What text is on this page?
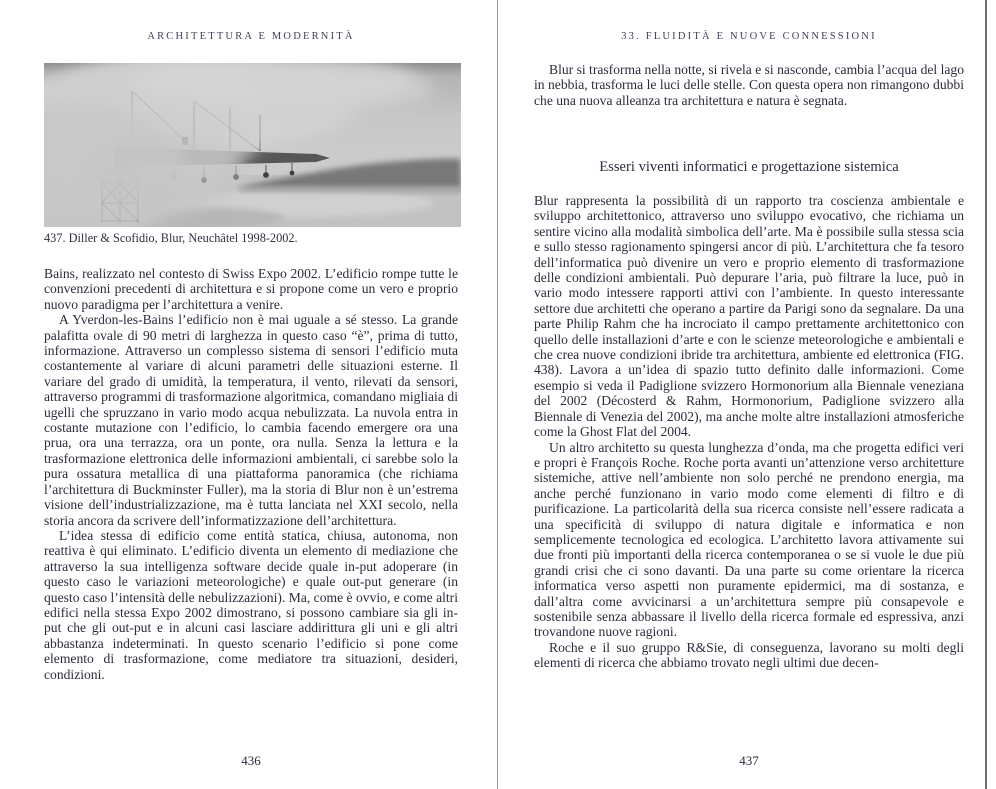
ARCHITETTURA E MODERNITÀ
437. Diller & Scofidio, Blur, Neuchâtel 1998-2002.

Bains, realizzato nel contesto di Swiss Expo 2002. L’edificio rompe tutte le convenzioni precedenti di architettura e si propone come un vero e proprio nuovo paradigma per l’architettura a venire.

A Yverdon-les-Bains l’edificio non è mai uguale a sé stesso. La grande palafitta ovale di 90 metri di larghezza in questo caso “è”, prima di tutto, informazione. Attraverso un complesso sistema di sensori l’edificio muta costantemente al variare di alcuni parametri delle situazioni esterne. Il variare del grado di umidità, la temperatura, il vento, rilevati da sensori, attraverso programmi di trasformazione algoritmica, comandano migliaia di ugelli che spruzzano in vario modo acqua nebulizzata. La nuvola entra in costante mutazione con l’edificio, lo cambia facendo emergere ora una prua, ora una terrazza, ora un ponte, ora nulla. Senza la lettura e la trasformazione elettronica delle informazioni ambientali, ci sarebbe solo la pura ossatura metallica di una piattaforma panoramica (che richiama l’architettura di Buckminster Fuller), ma la storia di Blur non è un’estrema visione dell’industrializzazione, ma è tutta lanciata nel XXI secolo, nella storia ancora da scrivere dell’informatizzazione dell’architettura.

L’idea stessa di edificio come entità statica, chiusa, autonoma, non reattiva è qui eliminato. L’edificio diventa un elemento di mediazione che attraverso la sua intelligenza software decide quale in-put adoperare (in questo caso le variazioni meteorologiche) e quale out-put generare (in questo caso l’intensità delle nebulizzazioni). Ma, come è ovvio, e come altri edifici nella stessa Expo 2002 dimostrano, si possono cambiare sia gli in-put che gli out-put e in alcuni casi lasciare addirittura gli uni e gli altri abbastanza indeterminati. In questo scenario l’edificio si pone come elemento di trasformazione, come mediatore tra situazioni, desideri, condizioni.

436
33. FLUIDITÀ E NUOVE CONNESSIONI

Blur si trasforma nella notte, si rivela e si nasconde, cambia l’acqua del lago in nebbia, trasforma le luci delle stelle. Con questa opera non rimangono dubbi che una nuova alleanza tra architettura e natura è segnata.

Esseri viventi informatici e progettazione sistemica

Blur rappresenta la possibilità di un rapporto tra coscienza ambientale e sviluppo architettonico, attraverso uno sviluppo evocativo, che richiama un sentire vicino alla modalità simbolica dell’arte. Ma è possibile sulla stessa scia e sullo stesso ragionamento spingersi ancor di più. L’architettura che fa tesoro dell’informatica può divenire un vero e proprio elemento di trasformazione delle condizioni ambientali. Può depurare l’aria, può filtrare la luce, può in vario modo intessere rapporti attivi con l’ambiente. In questo interessante settore due architetti che operano a partire da Parigi sono da segnalare. Da una parte Philip Rahm che ha incrociato il campo prettamente architettonico con quello delle installazioni d’arte e con le scienze meteorologiche e ambientali e che crea nuove condizioni ibride tra architettura, ambiente ed elettronica (FIG. 438). Lavora a un’idea di spazio tutto definito dalle informazioni. Come esempio si veda il Padiglione svizzero Hormonorium alla Biennale veneziana del 2002 (Décosterd & Rahm, Hormonorium, Padiglione svizzero alla Biennale di Venezia del 2002), ma anche molte altre installazioni atmosferiche come la Ghost Flat del 2004.

Un altro architetto su questa lunghezza d’onda, ma che progetta edifici veri e propri è François Roche. Roche porta avanti un’attenzione verso architetture sistemiche, attive nell’ambiente non solo perché ne prendono energia, ma anche perché funzionano in vario modo come elementi di filtro e di purificazione. La particolarità della sua ricerca consiste nell’essere radicata a una specificità di sviluppo di natura digitale e informatica e non semplicemente tecnologica ed ecologica. L’architetto lavora attivamente sui due fronti più importanti della ricerca contemporanea o se si vuole le due più grandi crisi che ci sono davanti. Da una parte su come orientare la ricerca informatica verso aspetti non puramente epidermici, ma di sostanza, e dall’altra come avvicinarsi a un’architettura sempre più consapevole e sostenibile senza abbassare il livello della ricerca formale ed espressiva, anzi trovandone nuove ragioni.

Roche e il suo gruppo R&Sie, di conseguenza, lavorano su molti degli elementi di ricerca che abbiamo trovato negli ultimi due decen-

437
